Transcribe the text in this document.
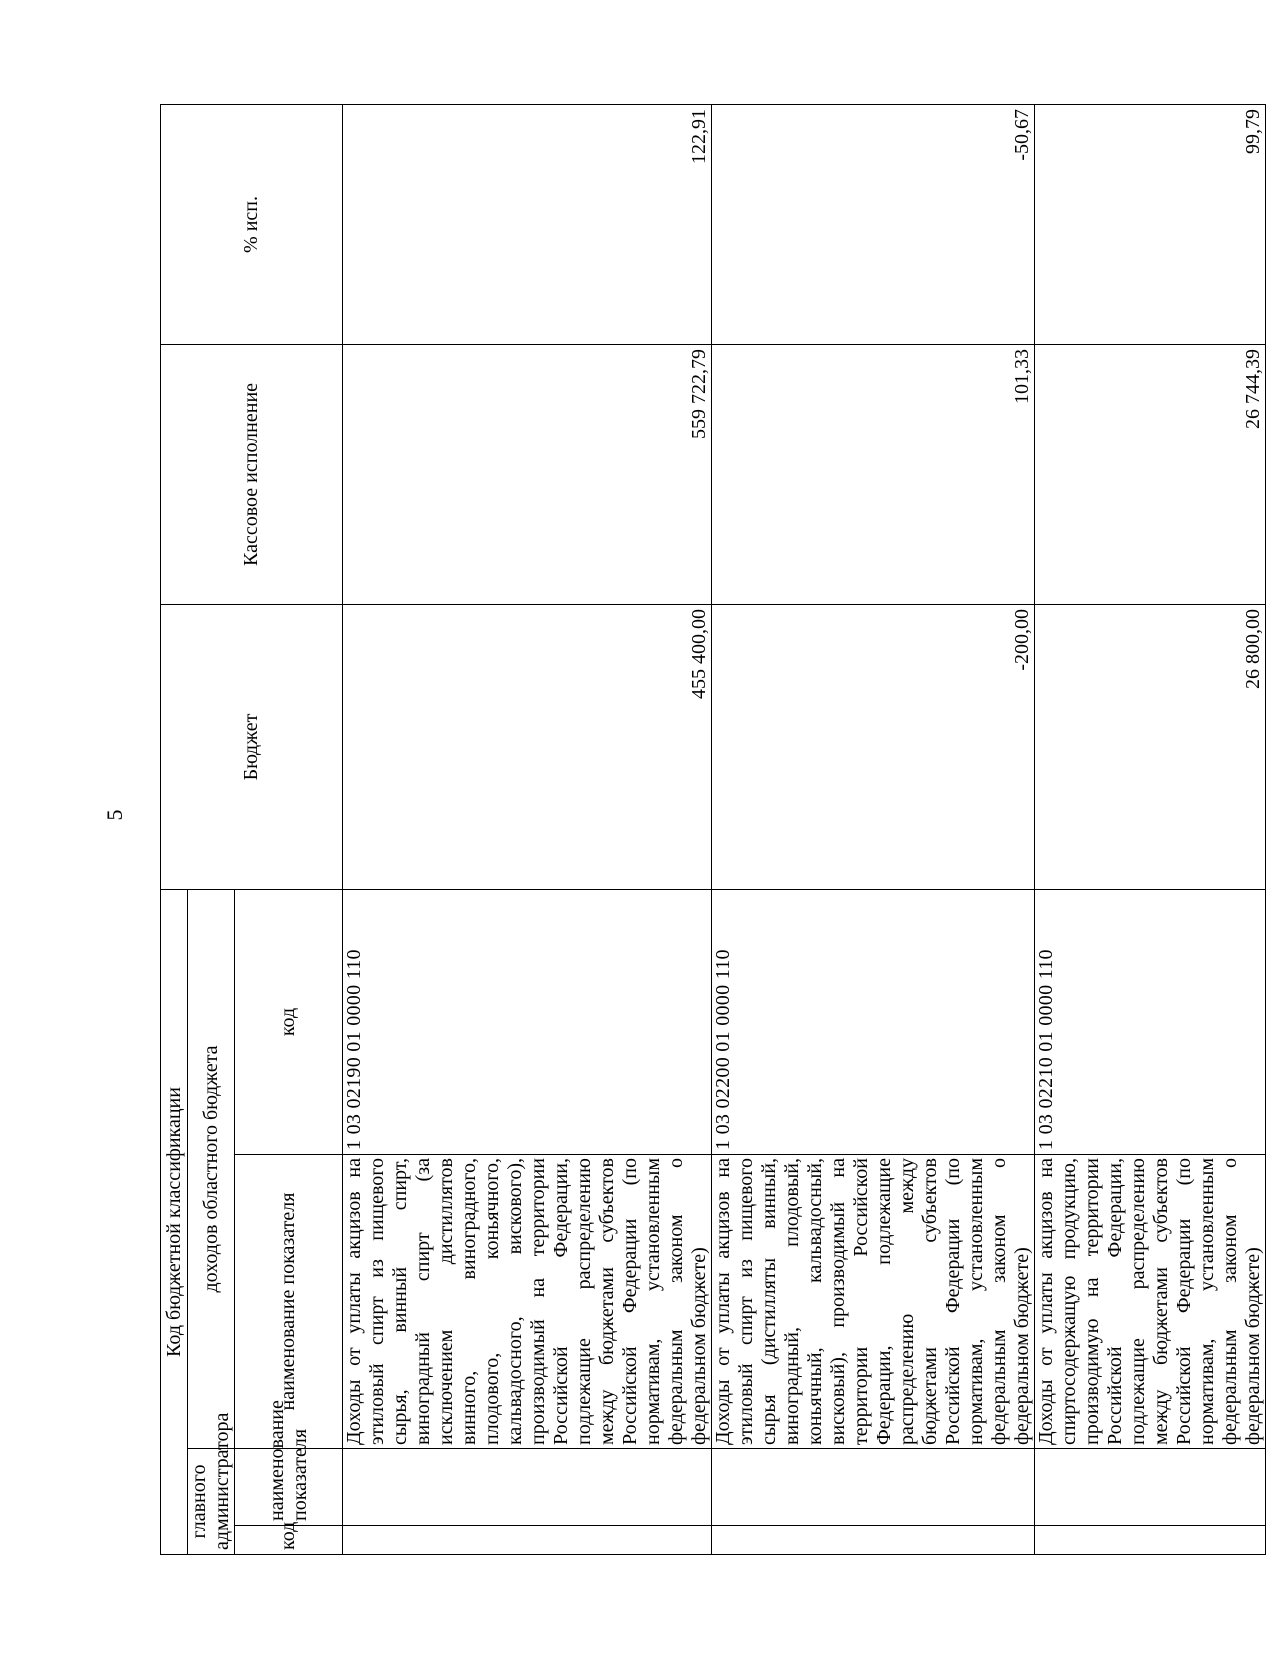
5
Код бюджетной классификации				Бюджет	Кассовое исполнение	% исп.
главного администратора		доходов областного бюджета				
код	наименование показателя	наименование показателя	код			
		Доходы от уплаты акцизов на этиловый спирт из пищевого сырья, винный спирт, виноградный спирт (за исключением дистиллятов винного, виноградного, плодового, коньячного, кальвадосного, вискового), производимый на территории Российской Федерации, подлежащие распределению между бюджетами субъектов Российской Федерации (по нормативам, установленным федеральным законом о федеральном бюджете)	1 03 02190 01 0000 110	455 400,00	559 722,79	122,91
		Доходы от уплаты акцизов на этиловый спирт из пищевого сырья (дистилляты винный, виноградный, плодовый, коньячный, кальвадосный, висковый), производимый на территории Российской Федерации, подлежащие распределению между бюджетами субъектов Российской Федерации (по нормативам, установленным федеральным законом о федеральном бюджете)	1 03 02200 01 0000 110	-200,00	101,33	-50,67
		Доходы от уплаты акцизов на спиртосодержащую продукцию, производимую на территории Российской Федерации, подлежащие распределению между бюджетами субъектов Российской Федерации (по нормативам, установленным федеральным законом о федеральном бюджете)	1 03 02210 01 0000 110	26 800,00	26 744,39	99,79
